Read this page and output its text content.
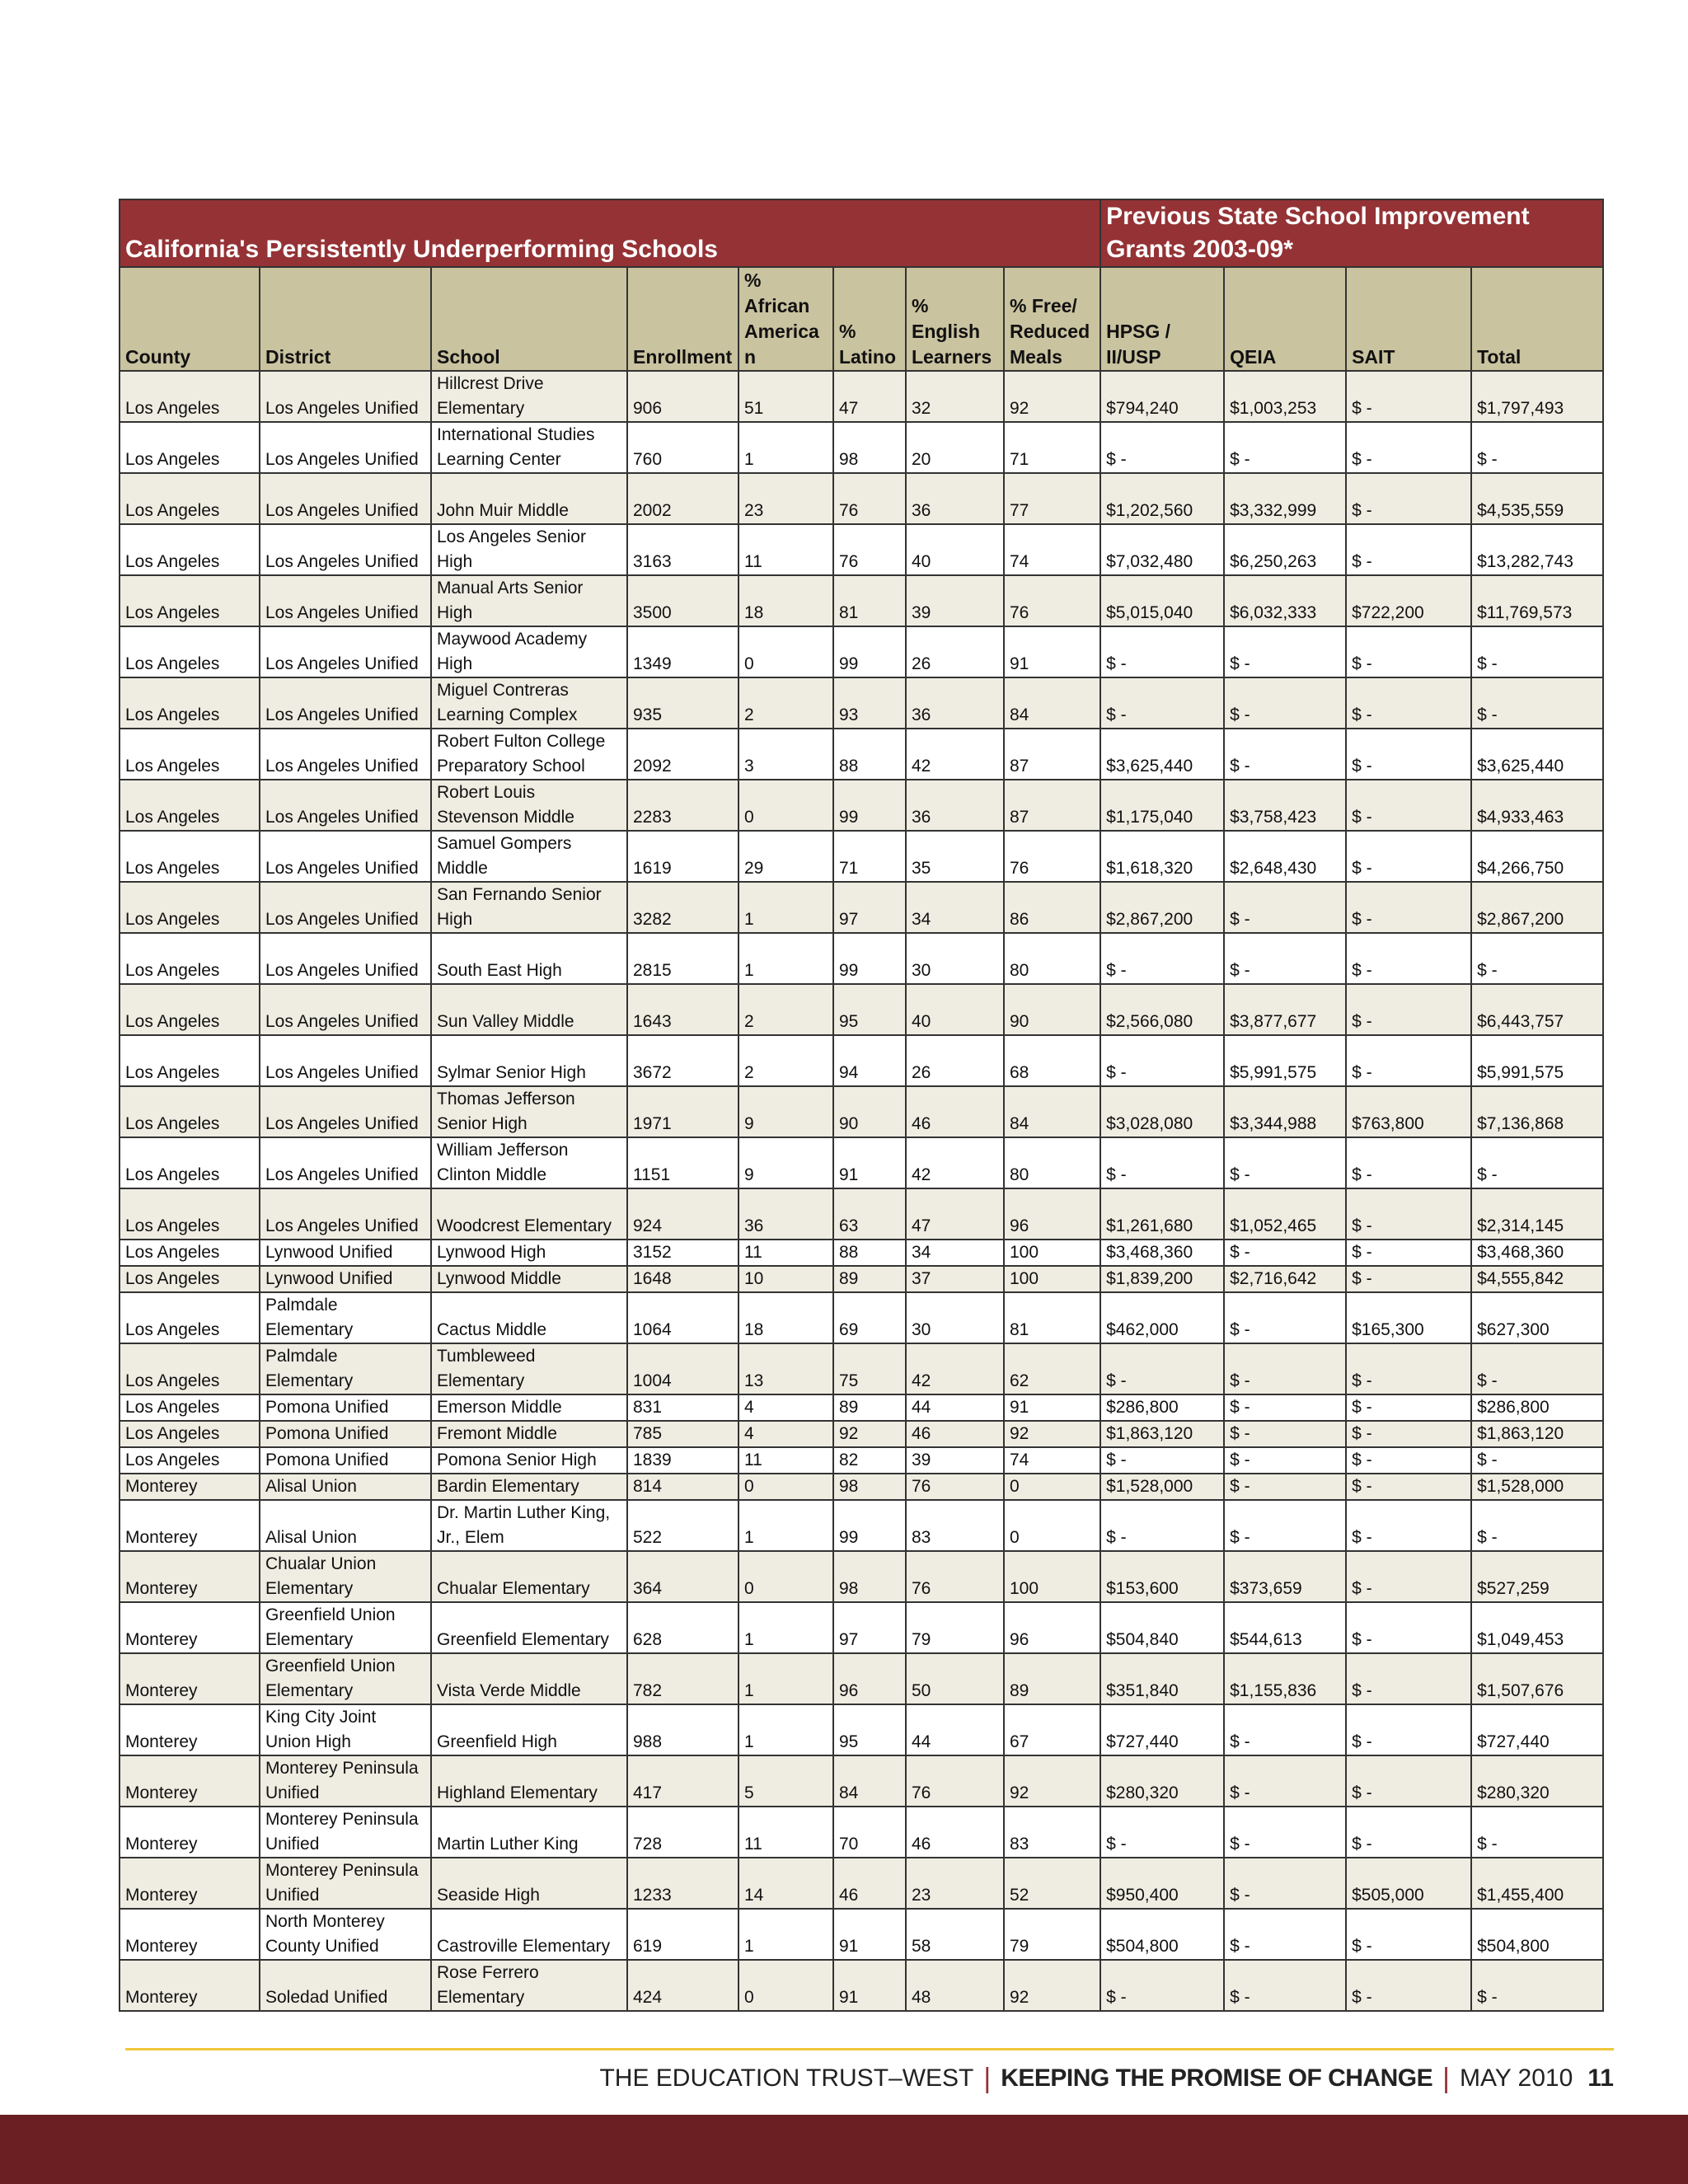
California's Persistently Underperforming Schools								Previous State School Improvement Grants 2003-09*			
County	District	School	Enrollment	% African American	% Latino	% English Learners	% Free/ Reduced Meals	HPSG / II/USP	QEIA	SAIT	Total
Los Angeles	Los Angeles Unified	Hillcrest Drive Elementary	906	51	47	32	92	$794,240	$1,003,253	$ -	$1,797,493
Los Angeles	Los Angeles Unified	International Studies Learning Center	760	1	98	20	71	$ -	$ -	$ -	$ -
Los Angeles	Los Angeles Unified	John Muir Middle	2002	23	76	36	77	$1,202,560	$3,332,999	$ -	$4,535,559
Los Angeles	Los Angeles Unified	Los Angeles Senior High	3163	11	76	40	74	$7,032,480	$6,250,263	$ -	$13,282,743
Los Angeles	Los Angeles Unified	Manual Arts Senior High	3500	18	81	39	76	$5,015,040	$6,032,333	$722,200	$11,769,573
Los Angeles	Los Angeles Unified	Maywood Academy High	1349	0	99	26	91	$ -	$ -	$ -	$ -
Los Angeles	Los Angeles Unified	Miguel Contreras Learning Complex	935	2	93	36	84	$ -	$ -	$ -	$ -
Los Angeles	Los Angeles Unified	Robert Fulton College Preparatory School	2092	3	88	42	87	$3,625,440	$ -	$ -	$3,625,440
Los Angeles	Los Angeles Unified	Robert Louis Stevenson Middle	2283	0	99	36	87	$1,175,040	$3,758,423	$ -	$4,933,463
Los Angeles	Los Angeles Unified	Samuel Gompers Middle	1619	29	71	35	76	$1,618,320	$2,648,430	$ -	$4,266,750
Los Angeles	Los Angeles Unified	San Fernando Senior High	3282	1	97	34	86	$2,867,200	$ -	$ -	$2,867,200
Los Angeles	Los Angeles Unified	South East High	2815	1	99	30	80	$ -	$ -	$ -	$ -
Los Angeles	Los Angeles Unified	Sun Valley Middle	1643	2	95	40	90	$2,566,080	$3,877,677	$ -	$6,443,757
Los Angeles	Los Angeles Unified	Sylmar Senior High	3672	2	94	26	68	$ -	$5,991,575	$ -	$5,991,575
Los Angeles	Los Angeles Unified	Thomas Jefferson Senior High	1971	9	90	46	84	$3,028,080	$3,344,988	$763,800	$7,136,868
Los Angeles	Los Angeles Unified	William Jefferson Clinton Middle	1151	9	91	42	80	$ -	$ -	$ -	$ -
Los Angeles	Los Angeles Unified	Woodcrest Elementary	924	36	63	47	96	$1,261,680	$1,052,465	$ -	$2,314,145
Los Angeles	Lynwood Unified	Lynwood High	3152	11	88	34	100	$3,468,360	$ -	$ -	$3,468,360
Los Angeles	Lynwood Unified	Lynwood Middle	1648	10	89	37	100	$1,839,200	$2,716,642	$ -	$4,555,842
Los Angeles	Palmdale Elementary	Cactus Middle	1064	18	69	30	81	$462,000	$ -	$165,300	$627,300
Los Angeles	Palmdale Elementary	Tumbleweed Elementary	1004	13	75	42	62	$ -	$ -	$ -	$ -
Los Angeles	Pomona Unified	Emerson Middle	831	4	89	44	91	$286,800	$ -	$ -	$286,800
Los Angeles	Pomona Unified	Fremont Middle	785	4	92	46	92	$1,863,120	$ -	$ -	$1,863,120
Los Angeles	Pomona Unified	Pomona Senior High	1839	11	82	39	74	$ -	$ -	$ -	$ -
Monterey	Alisal Union	Bardin Elementary	814	0	98	76	0	$1,528,000	$ -	$ -	$1,528,000
Monterey	Alisal Union	Dr. Martin Luther King, Jr., Elem	522	1	99	83	0	$ -	$ -	$ -	$ -
Monterey	Chualar Union Elementary	Chualar Elementary	364	0	98	76	100	$153,600	$373,659	$ -	$527,259
Monterey	Greenfield Union Elementary	Greenfield Elementary	628	1	97	79	96	$504,840	$544,613	$ -	$1,049,453
Monterey	Greenfield Union Elementary	Vista Verde Middle	782	1	96	50	89	$351,840	$1,155,836	$ -	$1,507,676
Monterey	King City Joint Union High	Greenfield High	988	1	95	44	67	$727,440	$ -	$ -	$727,440
Monterey	Monterey Peninsula Unified	Highland Elementary	417	5	84	76	92	$280,320	$ -	$ -	$280,320
Monterey	Monterey Peninsula Unified	Martin Luther King	728	11	70	46	83	$ -	$ -	$ -	$ -
Monterey	Monterey Peninsula Unified	Seaside High	1233	14	46	23	52	$950,400	$ -	$505,000	$1,455,400
Monterey	North Monterey County Unified	Castroville Elementary	619	1	91	58	79	$504,800	$ -	$ -	$504,800
Monterey	Soledad Unified	Rose Ferrero Elementary	424	0	91	48	92	$ -	$ -	$ -	$ -
THE EDUCATION TRUST–WEST | KEEPING THE PROMISE OF CHANGE | MAY 2010 11
